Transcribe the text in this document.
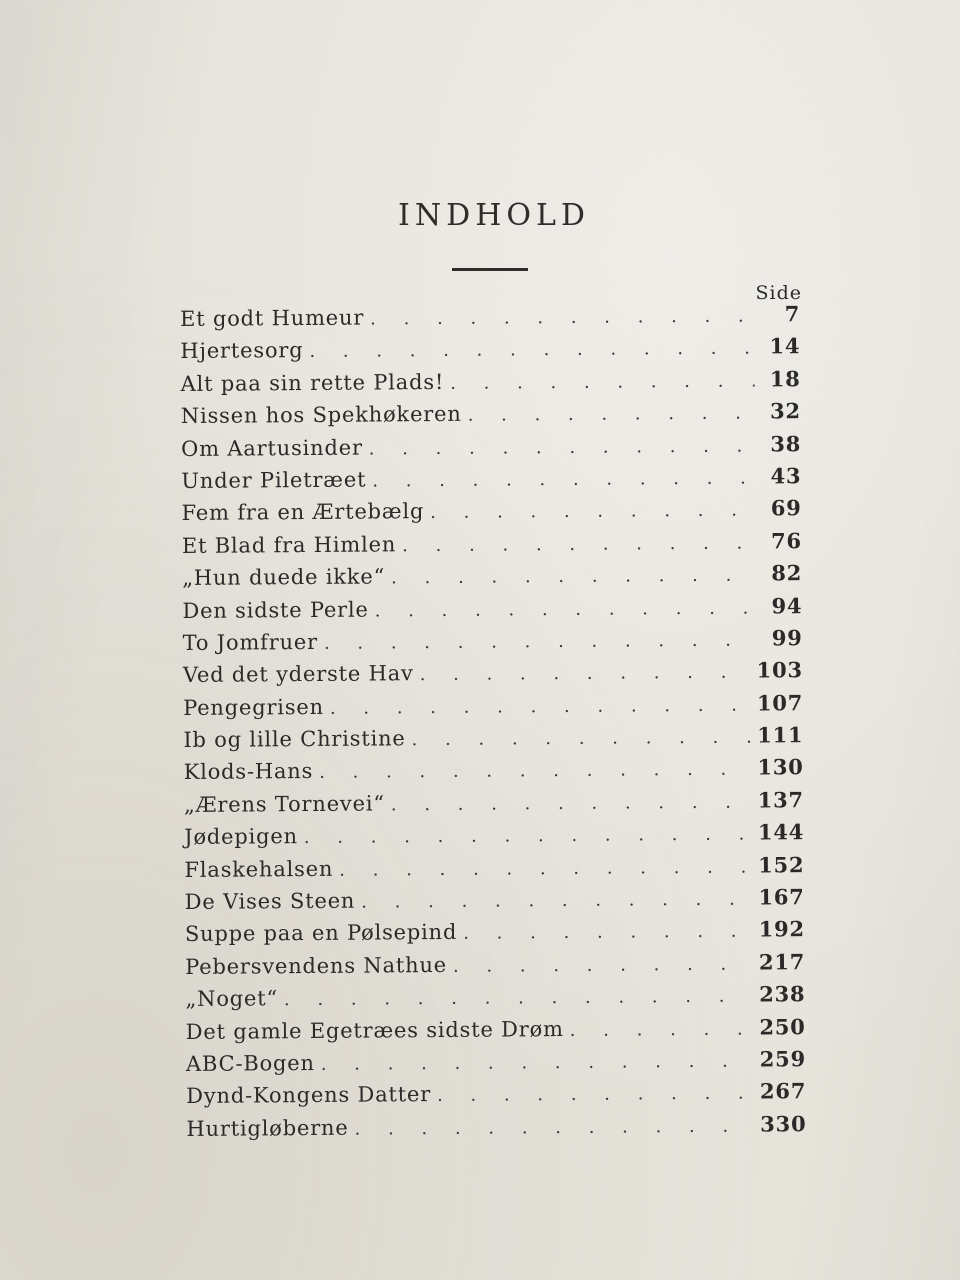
INDHOLD
Side
Et godt Humeur . . .	7
Hjertesorg . . .	14
Alt paa sin rette Plads! . . .	18
Nissen hos Spekhøkeren . . .	32
Om Aartusinder . . .	38
Under Piletræet . . .	43
Fem fra en Ærtebælg . . .	69
Et Blad fra Himlen . . .	76
„Hun duede ikke“ . . .	82
Den sidste Perle . . .	94
To Jomfruer . . .	99
Ved det yderste Hav . . .	103
Pengegrisen . . .	107
Ib og lille Christine . . .	111
Klods-Hans . . .	130
„Ærens Tornevei“ . . .	137
Jødepigen . . .	144
Flaskehalsen . . .	152
De Vises Steen . . .	167
Suppe paa en Pølsepind . . .	192
Pebersvendens Nathue . . .	217
„Noget“ . . .	238
Det gamle Egetræes sidste Drøm . . .	250
ABC-Bogen . . .	259
Dynd-Kongens Datter . . .	267
Hurtigløberne . . .	330
